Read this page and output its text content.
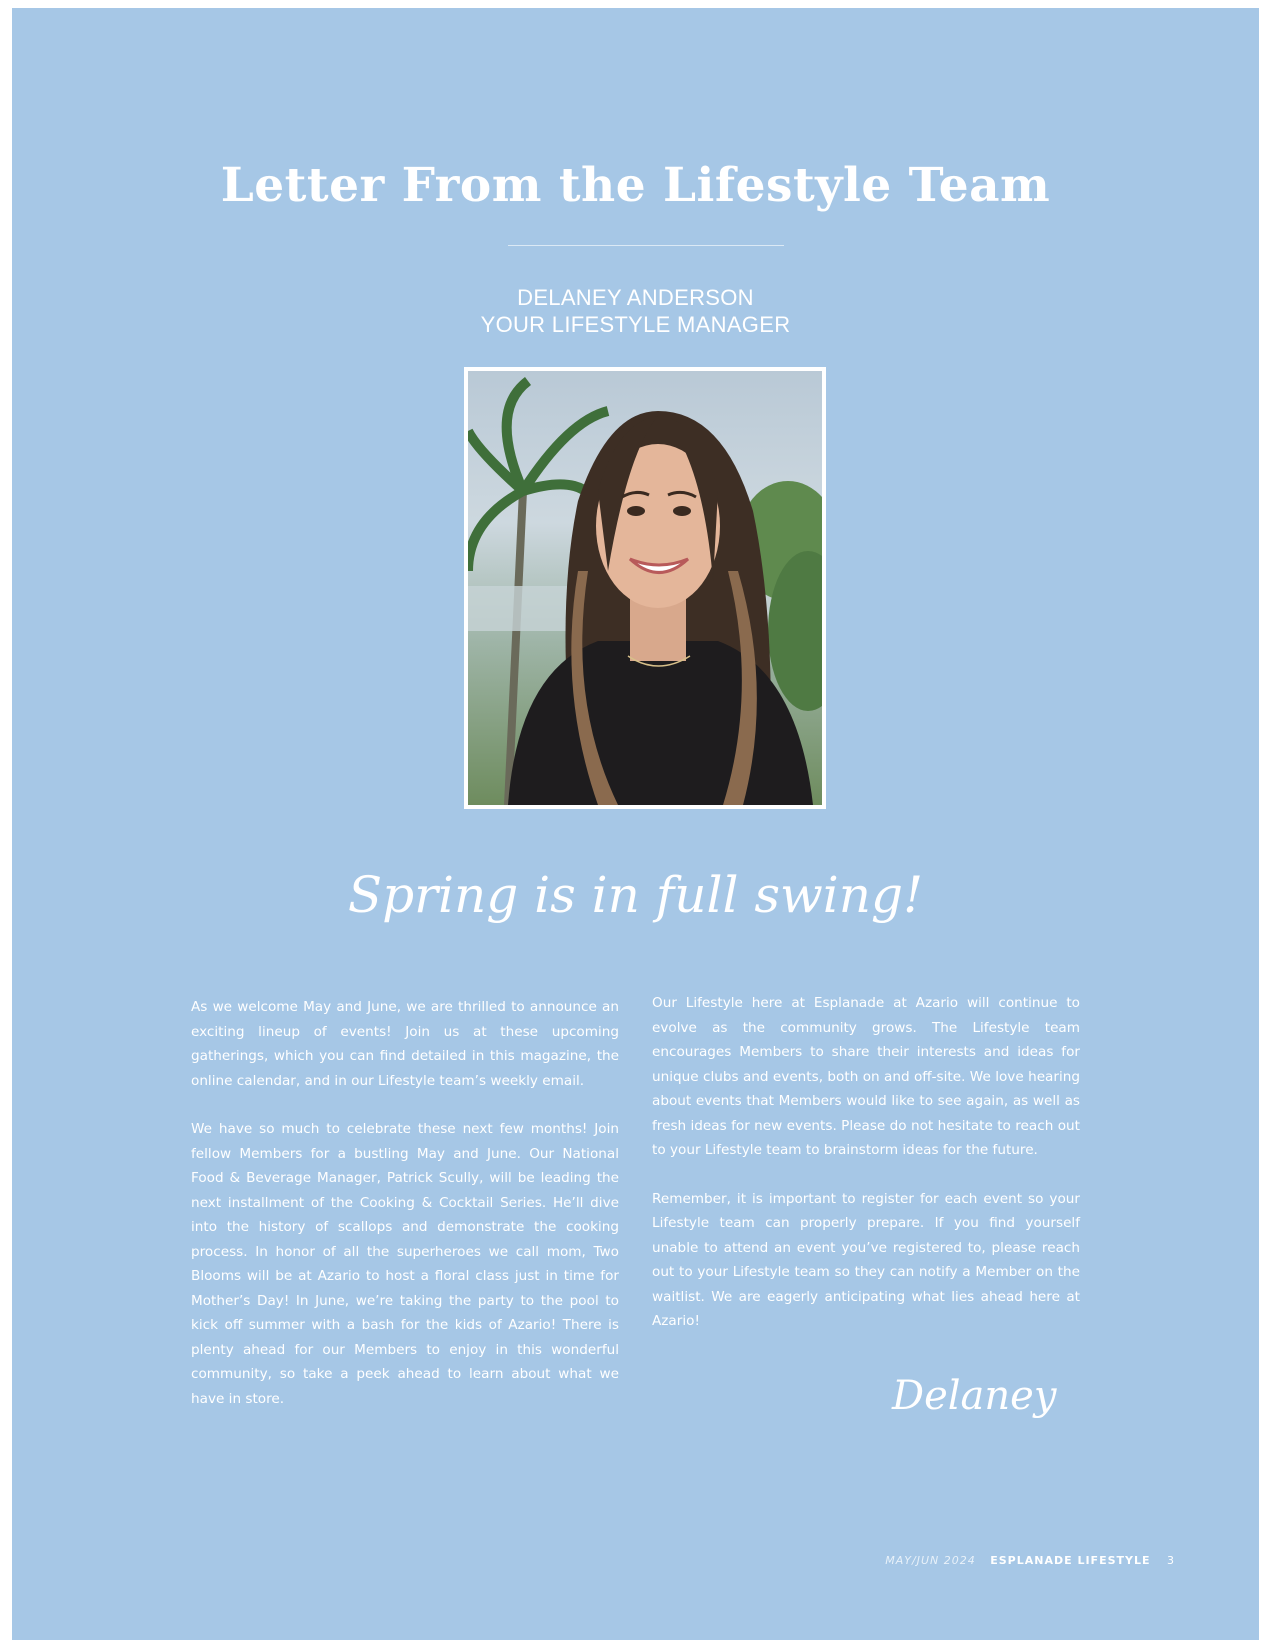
Letter From the Lifestyle Team
DELANEY ANDERSON
YOUR LIFESTYLE MANAGER
Spring is in full swing!

As we welcome May and June, we are thrilled to announce an exciting lineup of events! Join us at these upcoming gatherings, which you can find detailed in this magazine, the online calendar, and in our Lifestyle team’s weekly email.

We have so much to celebrate these next few months! Join fellow Members for a bustling May and June. Our National Food & Beverage Manager, Patrick Scully, will be leading the next installment of the Cooking & Cocktail Series. He’ll dive into the history of scallops and demonstrate the cooking process. In honor of all the superheroes we call mom, Two Blooms will be at Azario to host a floral class just in time for Mother’s Day! In June, we’re taking the party to the pool to kick off summer with a bash for the kids of Azario! There is plenty ahead for our Members to enjoy in this wonderful community, so take a peek ahead to learn about what we have in store.

Our Lifestyle here at Esplanade at Azario will continue to evolve as the community grows. The Lifestyle team encourages Members to share their interests and ideas for unique clubs and events, both on and off-site. We love hearing about events that Members would like to see again, as well as fresh ideas for new events. Please do not hesitate to reach out to your Lifestyle team to brainstorm ideas for the future.

Remember, it is important to register for each event so your Lifestyle team can properly prepare. If you find yourself unable to attend an event you’ve registered to, please reach out to your Lifestyle team so they can notify a Member on the waitlist. We are eagerly anticipating what lies ahead here at Azario!

Delaney
MAY/JUN 2024 ESPLANADE LIFESTYLE 3
